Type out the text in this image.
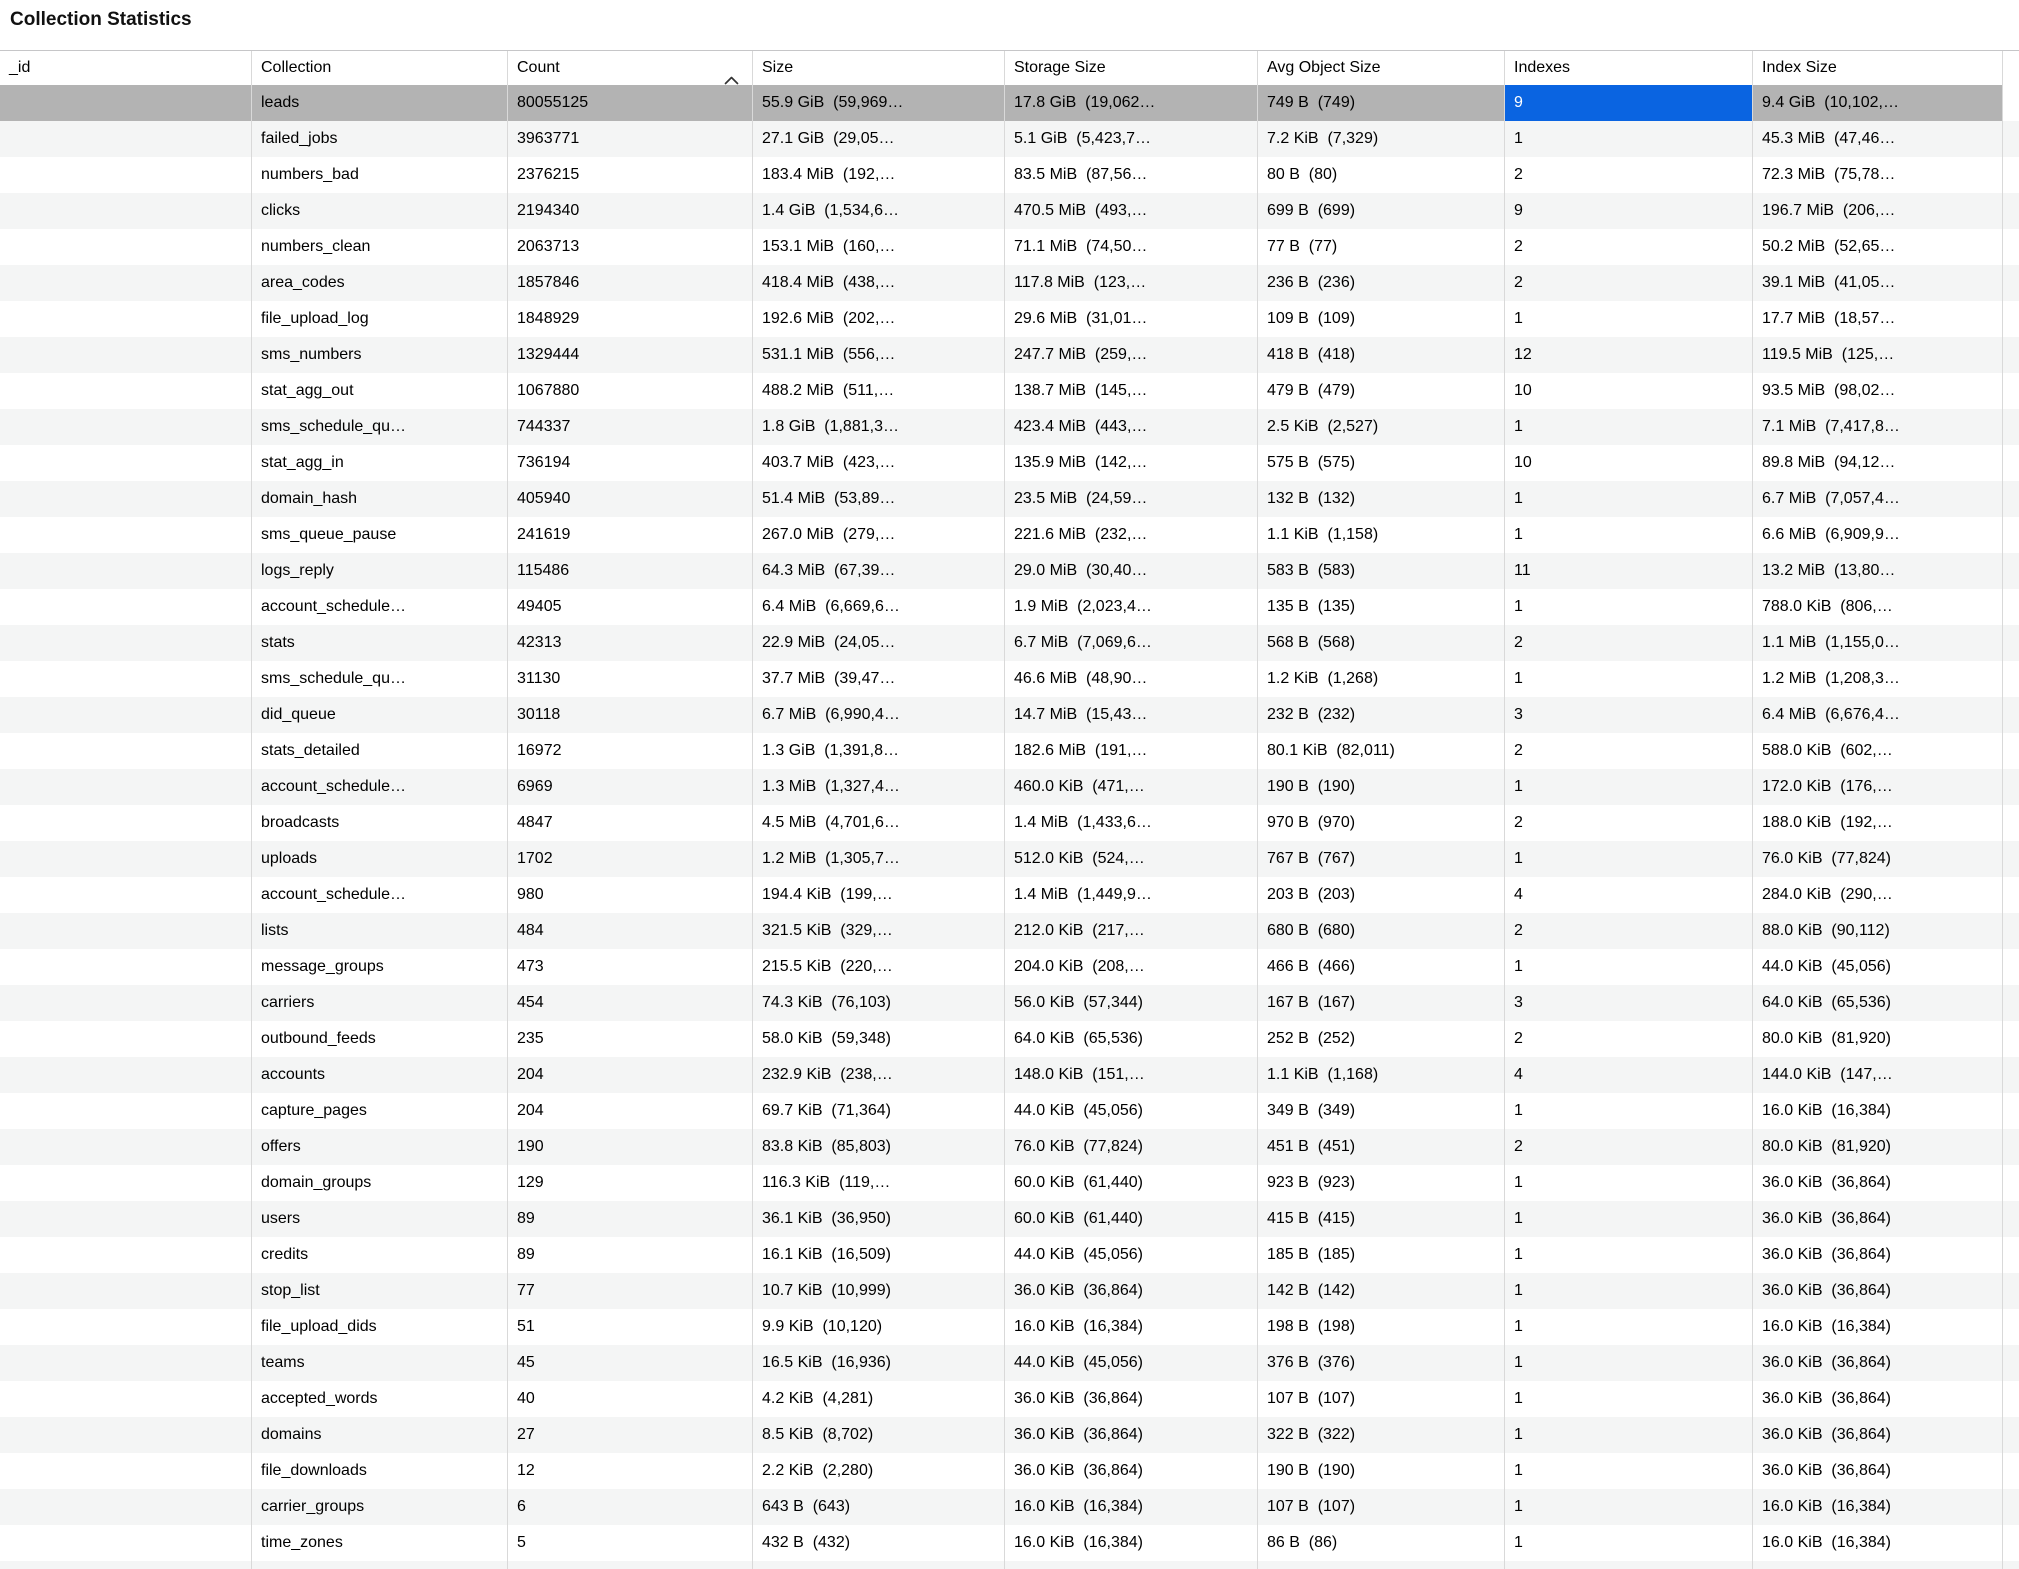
Collection Statistics
_id	Collection	Count	Size	Storage Size	Avg Object Size	Indexes	Index Size
leads	80055125	55.9 GiB  (59,969…	17.8 GiB  (19,062…	749 B  (749)	9	9.4 GiB  (10,102,…
failed_jobs	3963771	27.1 GiB  (29,05…	5.1 GiB  (5,423,7…	7.2 KiB  (7,329)	1	45.3 MiB  (47,46…
numbers_bad	2376215	183.4 MiB  (192,…	83.5 MiB  (87,56…	80 B  (80)	2	72.3 MiB  (75,78…
clicks	2194340	1.4 GiB  (1,534,6…	470.5 MiB  (493,…	699 B  (699)	9	196.7 MiB  (206,…
numbers_clean	2063713	153.1 MiB  (160,…	71.1 MiB  (74,50…	77 B  (77)	2	50.2 MiB  (52,65…
area_codes	1857846	418.4 MiB  (438,…	117.8 MiB  (123,…	236 B  (236)	2	39.1 MiB  (41,05…
file_upload_log	1848929	192.6 MiB  (202,…	29.6 MiB  (31,01…	109 B  (109)	1	17.7 MiB  (18,57…
sms_numbers	1329444	531.1 MiB  (556,…	247.7 MiB  (259,…	418 B  (418)	12	119.5 MiB  (125,…
stat_agg_out	1067880	488.2 MiB  (511,…	138.7 MiB  (145,…	479 B  (479)	10	93.5 MiB  (98,02…
sms_schedule_qu…	744337	1.8 GiB  (1,881,3…	423.4 MiB  (443,…	2.5 KiB  (2,527)	1	7.1 MiB  (7,417,8…
stat_agg_in	736194	403.7 MiB  (423,…	135.9 MiB  (142,…	575 B  (575)	10	89.8 MiB  (94,12…
domain_hash	405940	51.4 MiB  (53,89…	23.5 MiB  (24,59…	132 B  (132)	1	6.7 MiB  (7,057,4…
sms_queue_pause	241619	267.0 MiB  (279,…	221.6 MiB  (232,…	1.1 KiB  (1,158)	1	6.6 MiB  (6,909,9…
logs_reply	115486	64.3 MiB  (67,39…	29.0 MiB  (30,40…	583 B  (583)	11	13.2 MiB  (13,80…
account_schedule…	49405	6.4 MiB  (6,669,6…	1.9 MiB  (2,023,4…	135 B  (135)	1	788.0 KiB  (806,…
stats	42313	22.9 MiB  (24,05…	6.7 MiB  (7,069,6…	568 B  (568)	2	1.1 MiB  (1,155,0…
sms_schedule_qu…	31130	37.7 MiB  (39,47…	46.6 MiB  (48,90…	1.2 KiB  (1,268)	1	1.2 MiB  (1,208,3…
did_queue	30118	6.7 MiB  (6,990,4…	14.7 MiB  (15,43…	232 B  (232)	3	6.4 MiB  (6,676,4…
stats_detailed	16972	1.3 GiB  (1,391,8…	182.6 MiB  (191,…	80.1 KiB  (82,011)	2	588.0 KiB  (602,…
account_schedule…	6969	1.3 MiB  (1,327,4…	460.0 KiB  (471,…	190 B  (190)	1	172.0 KiB  (176,…
broadcasts	4847	4.5 MiB  (4,701,6…	1.4 MiB  (1,433,6…	970 B  (970)	2	188.0 KiB  (192,…
uploads	1702	1.2 MiB  (1,305,7…	512.0 KiB  (524,…	767 B  (767)	1	76.0 KiB  (77,824)
account_schedule…	980	194.4 KiB  (199,…	1.4 MiB  (1,449,9…	203 B  (203)	4	284.0 KiB  (290,…
lists	484	321.5 KiB  (329,…	212.0 KiB  (217,…	680 B  (680)	2	88.0 KiB  (90,112)
message_groups	473	215.5 KiB  (220,…	204.0 KiB  (208,…	466 B  (466)	1	44.0 KiB  (45,056)
carriers	454	74.3 KiB  (76,103)	56.0 KiB  (57,344)	167 B  (167)	3	64.0 KiB  (65,536)
outbound_feeds	235	58.0 KiB  (59,348)	64.0 KiB  (65,536)	252 B  (252)	2	80.0 KiB  (81,920)
accounts	204	232.9 KiB  (238,…	148.0 KiB  (151,…	1.1 KiB  (1,168)	4	144.0 KiB  (147,…
capture_pages	204	69.7 KiB  (71,364)	44.0 KiB  (45,056)	349 B  (349)	1	16.0 KiB  (16,384)
offers	190	83.8 KiB  (85,803)	76.0 KiB  (77,824)	451 B  (451)	2	80.0 KiB  (81,920)
domain_groups	129	116.3 KiB  (119,…	60.0 KiB  (61,440)	923 B  (923)	1	36.0 KiB  (36,864)
users	89	36.1 KiB  (36,950)	60.0 KiB  (61,440)	415 B  (415)	1	36.0 KiB  (36,864)
credits	89	16.1 KiB  (16,509)	44.0 KiB  (45,056)	185 B  (185)	1	36.0 KiB  (36,864)
stop_list	77	10.7 KiB  (10,999)	36.0 KiB  (36,864)	142 B  (142)	1	36.0 KiB  (36,864)
file_upload_dids	51	9.9 KiB  (10,120)	16.0 KiB  (16,384)	198 B  (198)	1	16.0 KiB  (16,384)
teams	45	16.5 KiB  (16,936)	44.0 KiB  (45,056)	376 B  (376)	1	36.0 KiB  (36,864)
accepted_words	40	4.2 KiB  (4,281)	36.0 KiB  (36,864)	107 B  (107)	1	36.0 KiB  (36,864)
domains	27	8.5 KiB  (8,702)	36.0 KiB  (36,864)	322 B  (322)	1	36.0 KiB  (36,864)
file_downloads	12	2.2 KiB  (2,280)	36.0 KiB  (36,864)	190 B  (190)	1	36.0 KiB  (36,864)
carrier_groups	6	643 B  (643)	16.0 KiB  (16,384)	107 B  (107)	1	16.0 KiB  (16,384)
time_zones	5	432 B  (432)	16.0 KiB  (16,384)	86 B  (86)	1	16.0 KiB  (16,384)
